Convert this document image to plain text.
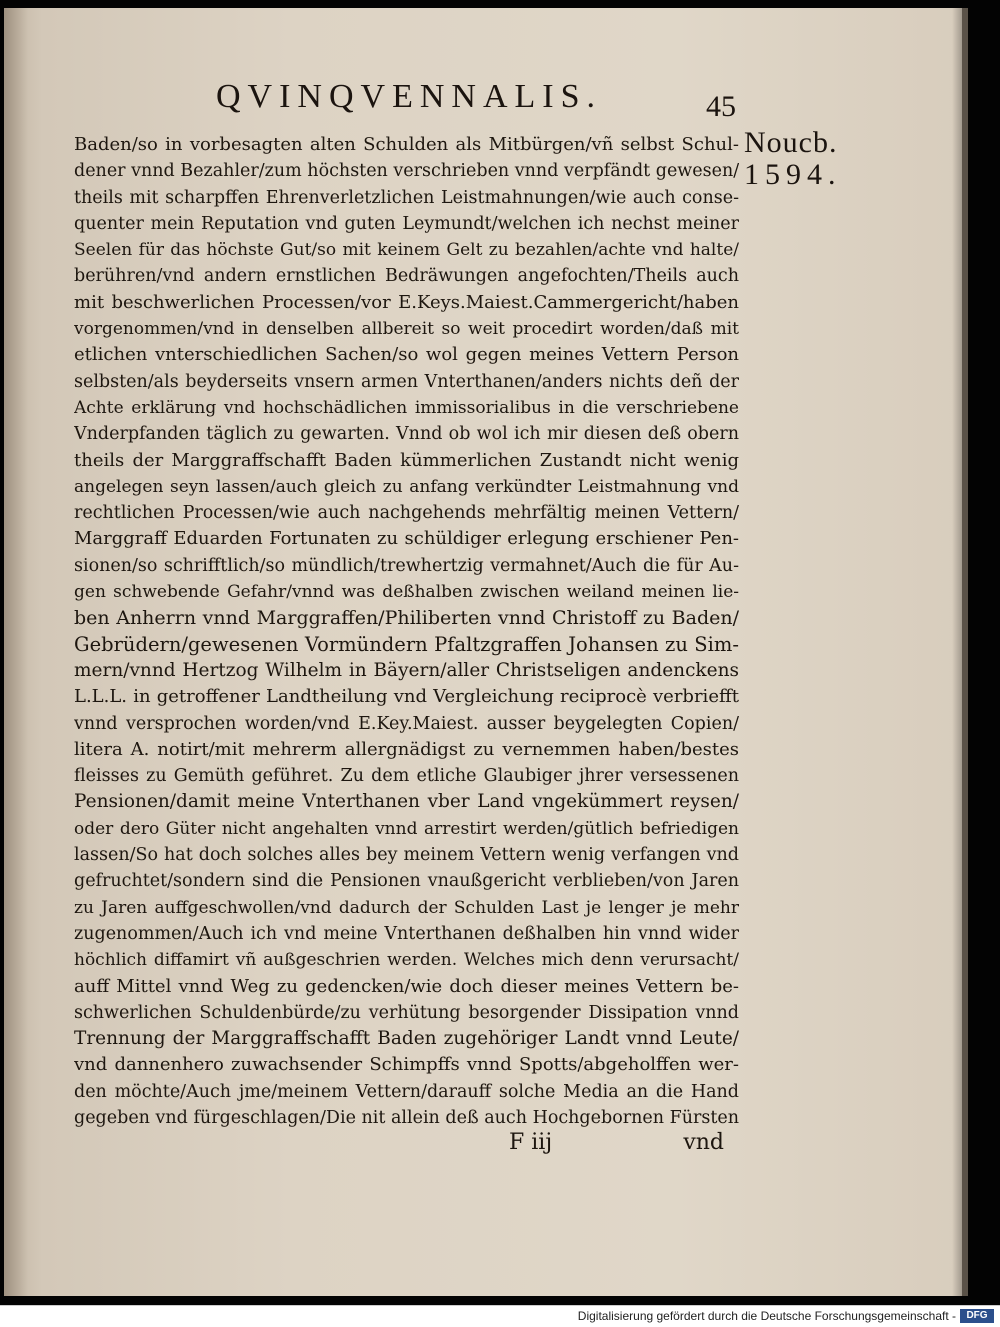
QVINQVENNALIS.	45
Noucb.
1594.
Baden/so in vorbesagten alten Schulden als Mitbürgen/vñ selbst Schul-
dener vnnd Bezahler/zum höchsten verschrieben vnnd verpfändt gewesen/
theils mit scharpffen Ehrenverletzlichen Leistmahnungen/wie auch conse-
quenter mein Reputation vnd guten Leymundt/welchen ich nechst meiner
Seelen für das höchste Gut/so mit keinem Gelt zu bezahlen/achte vnd halte/
berühren/vnd andern ernstlichen Bedräwungen angefochten/Theils auch
mit beschwerlichen Processen/vor E.Keys.Maiest.Cammergericht/haben
vorgenommen/vnd in denselben allbereit so weit procedirt worden/daß mit
etlichen vnterschiedlichen Sachen/so wol gegen meines Vettern Person
selbsten/als beyderseits vnsern armen Vnterthanen/anders nichts deñ der
Achte erklärung vnd hochschädlichen immissorialibus in die verschriebene
Vnderpfanden täglich zu gewarten. Vnnd ob wol ich mir diesen deß obern
theils der Marggraffschafft Baden kümmerlichen Zustandt nicht wenig
angelegen seyn lassen/auch gleich zu anfang verkündter Leistmahnung vnd
rechtlichen Processen/wie auch nachgehends mehrfältig meinen Vettern/
Marggraff Eduarden Fortunaten zu schüldiger erlegung erschiener Pen-
sionen/so schrifftlich/so mündlich/trewhertzig vermahnet/Auch die für Au-
gen schwebende Gefahr/vnnd was deßhalben zwischen weiland meinen lie-
ben Anherrn vnnd Marggraffen/Philiberten vnnd Christoff zu Baden/
Gebrüdern/gewesenen Vormündern Pfaltzgraffen Johansen zu Sim-
mern/vnnd Hertzog Wilhelm in Bäyern/aller Christseligen andenckens
L.L.L. in getroffener Landtheilung vnd Vergleichung reciprocè verbriefft
vnnd versprochen worden/vnd E.Key.Maiest. ausser beygelegten Copien/
litera A. notirt/mit mehrerm allergnädigst zu vernemmen haben/bestes
fleisses zu Gemüth geführet. Zu dem etliche Glaubiger jhrer versessenen
Pensionen/damit meine Vnterthanen vber Land vngekümmert reysen/
oder dero Güter nicht angehalten vnnd arrestirt werden/gütlich befriedigen
lassen/So hat doch solches alles bey meinem Vettern wenig verfangen vnd
gefruchtet/sondern sind die Pensionen vnaußgericht verblieben/von Jaren
zu Jaren auffgeschwollen/vnd dadurch der Schulden Last je lenger je mehr
zugenommen/Auch ich vnd meine Vnterthanen deßhalben hin vnnd wider
höchlich diffamirt vñ außgeschrien werden. Welches mich denn verursacht/
auff Mittel vnnd Weg zu gedencken/wie doch dieser meines Vettern be-
schwerlichen Schuldenbürde/zu verhütung besorgender Dissipation vnnd
Trennung der Marggraffschafft Baden zugehöriger Landt vnnd Leute/
vnd dannenhero zuwachsender Schimpffs vnnd Spotts/abgeholffen wer-
den möchte/Auch jme/meinem Vettern/darauff solche Media an die Hand
gegeben vnd fürgeschlagen/Die nit allein deß auch Hochgebornen Fürsten
F iij	vnd
Digitalisierung gefördert durch die Deutsche Forschungsgemeinschaft -	DFG
